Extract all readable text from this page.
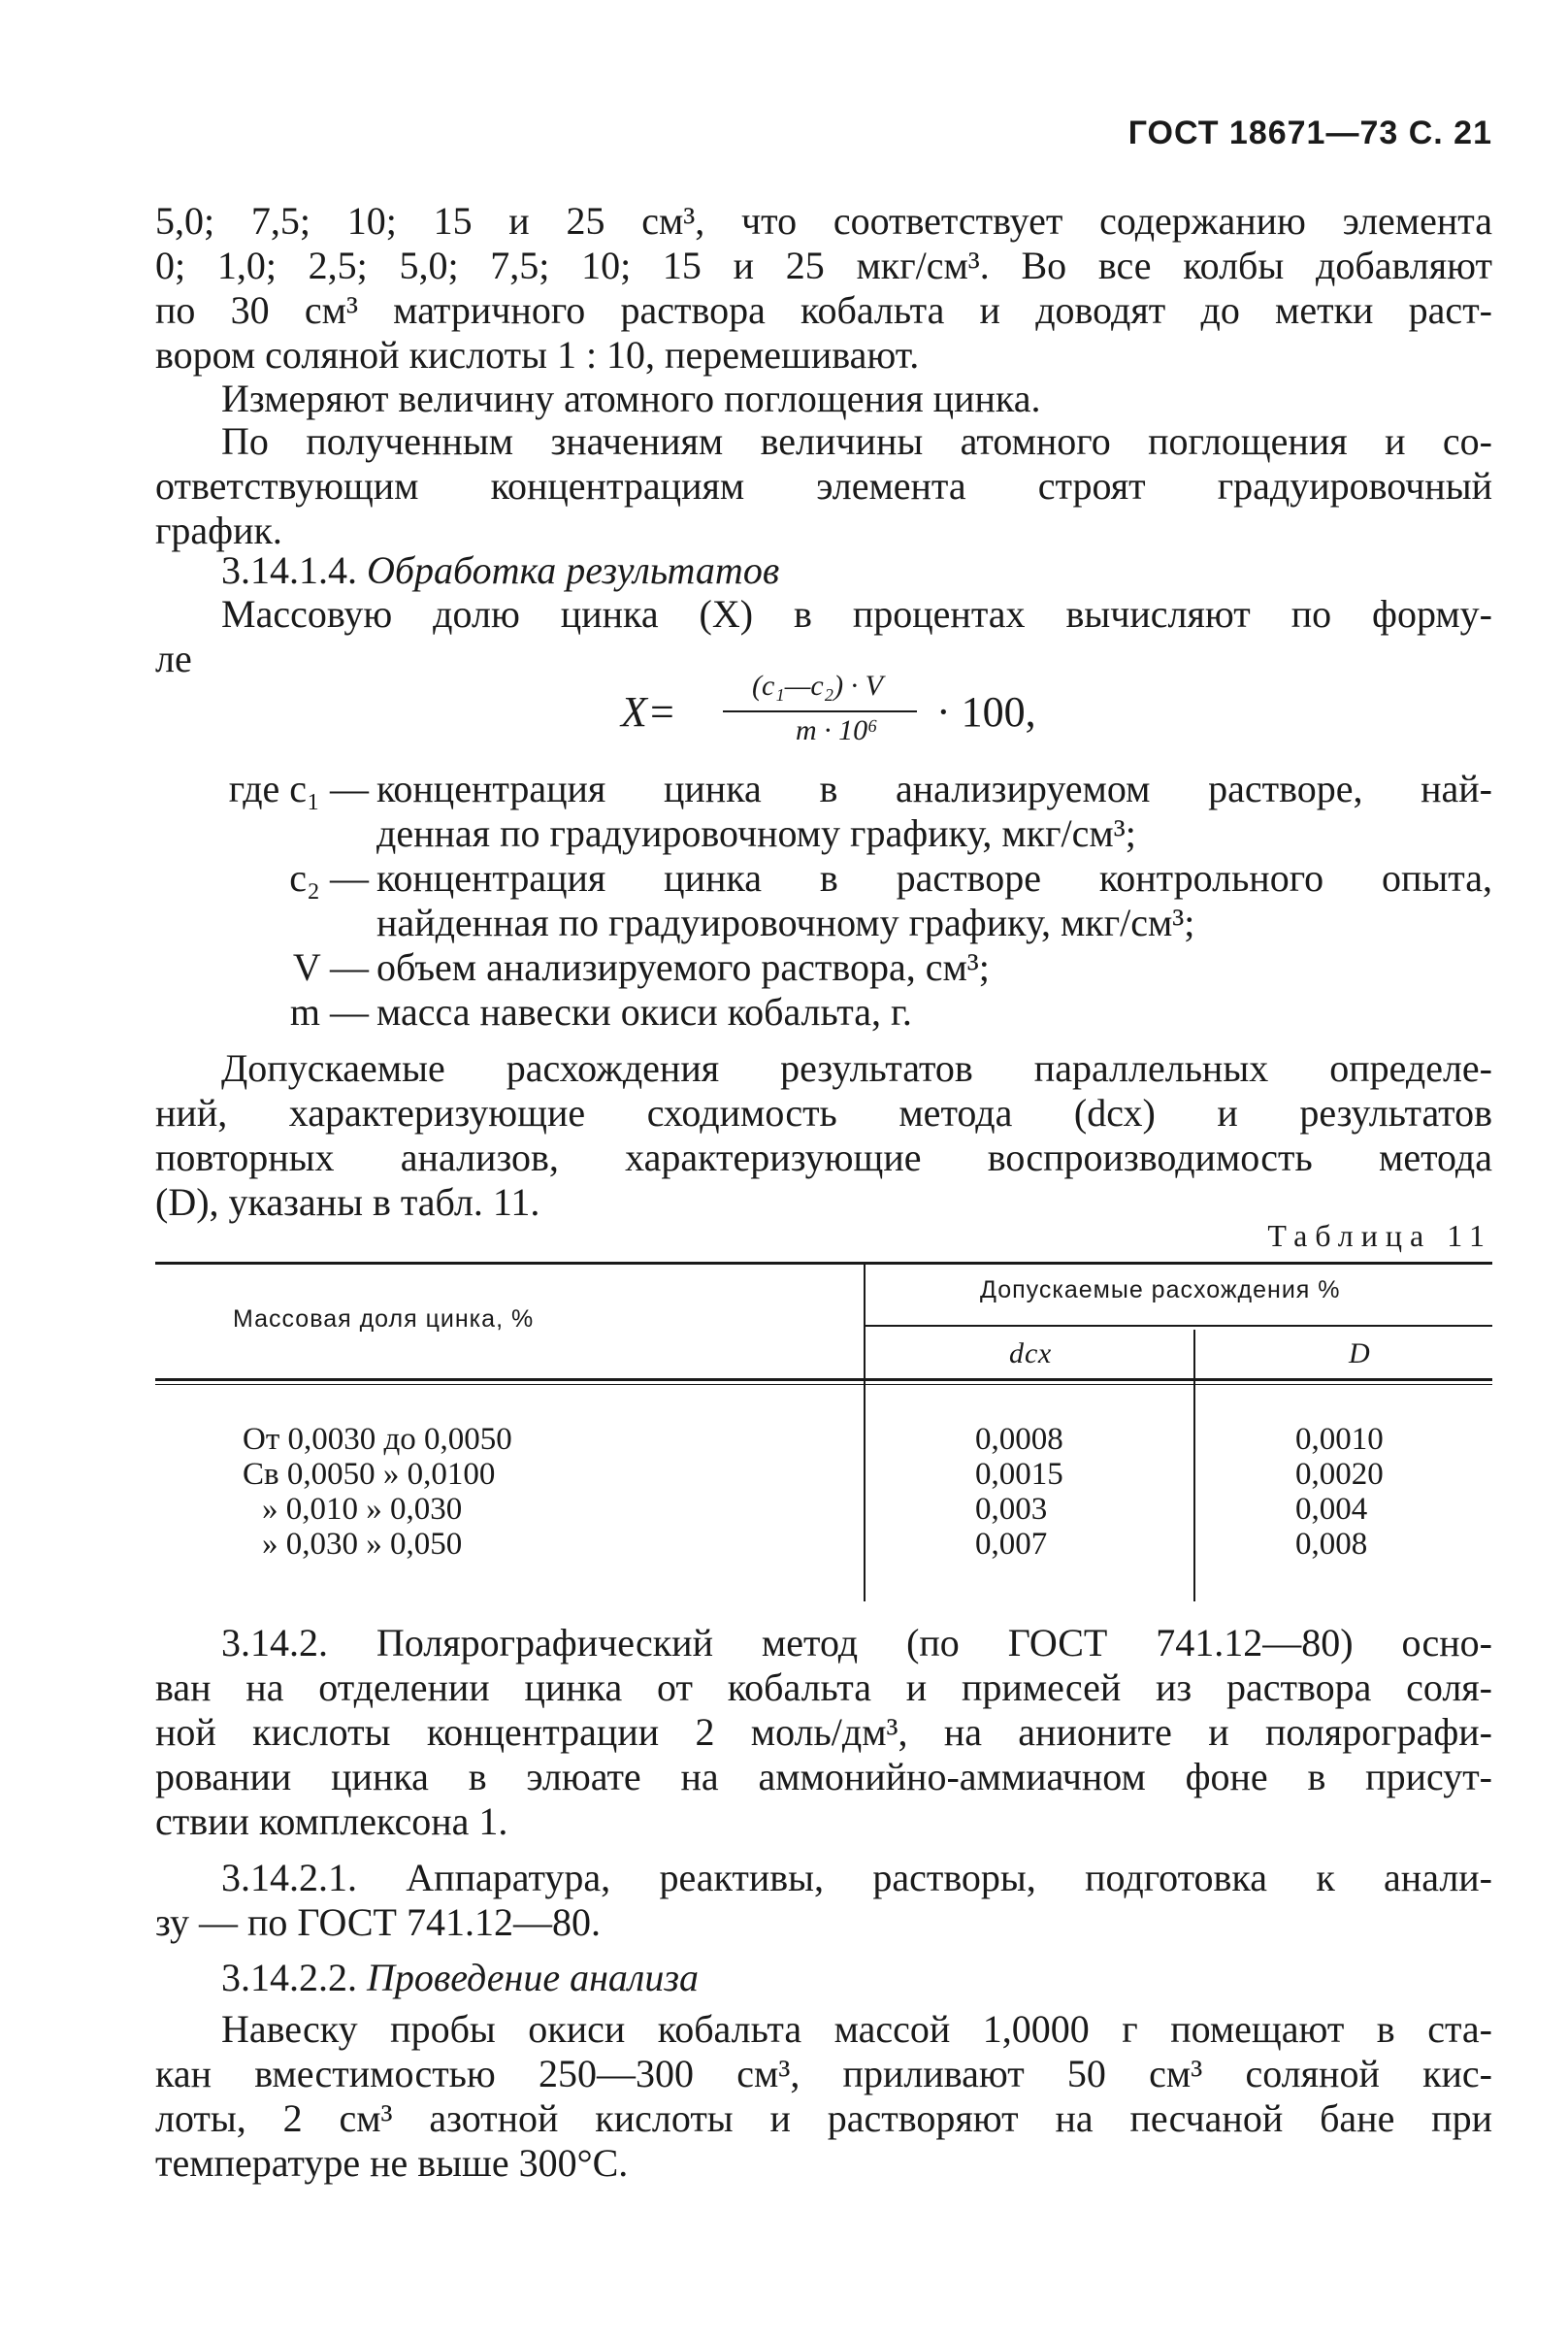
ГОСТ 18671—73 С. 21
5,0; 7,5; 10; 15 и 25 см³, что соответствует содержанию элемента
0; 1,0; 2,5; 5,0; 7,5; 10; 15 и 25 мкг/см³. Во все колбы добавляют
по 30 см³ матричного раствора кобальта и доводят до метки раст-
вором соляной кислоты 1 : 10, перемешивают.
Измеряют величину атомного поглощения цинка.
По полученным значениям величины атомного поглощения и со-
ответствующим концентрациям элемента строят градуировочный
график.
3.14.1.4. Обработка результатов
Массовую долю цинка (X) в процентах вычисляют по форму-
ле
X =
(c₁—c₂) · V
m · 10⁶ · 100,
где c₁ — концентрация цинка в анализируемом растворе, най-
денная по градуировочному графику, мкг/см³;
c₂ — концентрация цинка в растворе контрольного опыта,
найденная по градуировочному графику, мкг/см³;
V — объем анализируемого раствора, см³;
m — масса навески окиси кобальта, г.
Допускаемые расхождения результатов параллельных определе-
ний, характеризующие сходимость метода (dсх) и результатов
повторных анализов, характеризующие воспроизводимость метода
(D), указаны в табл. 11.
Таблица 11
Массовая доля цинка, %
Допускаемые расхождения %
dсх	D
От 0,0030 до 0,0050	0,0008	0,0010
Св 0,0050 » 0,0100	0,0015	0,0020
» 0,010 » 0,030	0,003	0,004
» 0,030 » 0,050	0,007	0,008
3.14.2. Полярографический метод (по ГОСТ 741.12—80) осно-
ван на отделении цинка от кобальта и примесей из раствора соля-
ной кислоты концентрации 2 моль/дм³, на анионите и полярографи-
ровании цинка в элюате на аммонийно-аммиачном фоне в присут-
ствии комплексона 1.
3.14.2.1. Аппаратура, реактивы, растворы, подготовка к анали-
зу — по ГОСТ 741.12—80.
3.14.2.2. Проведение анализа
Навеску пробы окиси кобальта массой 1,0000 г помещают в ста-
кан вместимостью 250—300 см³, приливают 50 см³ соляной кис-
лоты, 2 см³ азотной кислоты и растворяют на песчаной бане при
температуре не выше 300°С.
